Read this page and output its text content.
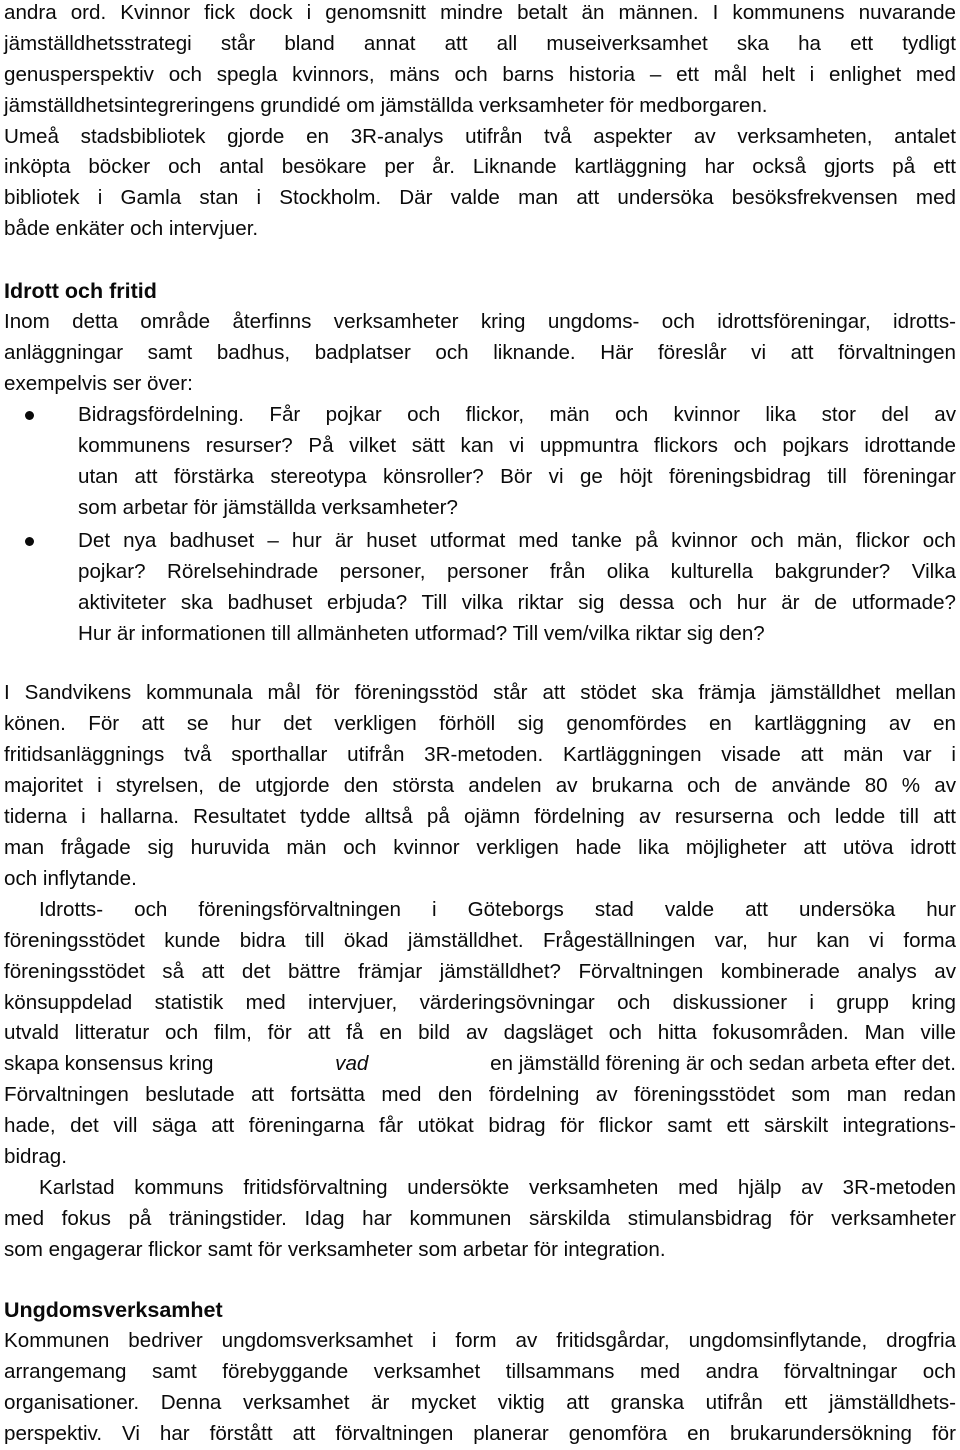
andra ord. Kvinnor fick dock i genomsnitt mindre betalt än männen. I kommunens nuvarande
jämställdhetsstrategi står bland annat att all museiverksamhet ska ha ett tydligt
genusperspektiv och spegla kvinnors, mäns och barns historia – ett mål helt i enlighet med
jämställdhetsintegreringens grundidé om jämställda verksamheter för medborgaren.
Umeå stadsbibliotek gjorde en 3R-analys utifrån två aspekter av verksamheten, antalet
inköpta böcker och antal besökare per år. Liknande kartläggning har också gjorts på ett
bibliotek i Gamla stan i Stockholm. Där valde man att undersöka besöksfrekvensen med
både enkäter och intervjuer.
Idrott och fritid
Inom detta område återfinns verksamheter kring ungdoms- och idrottsföreningar, idrotts-
anläggningar samt badhus, badplatser och liknande. Här föreslår vi att förvaltningen
exempelvis ser över:
Bidragsfördelning. Får pojkar och flickor, män och kvinnor lika stor del av
kommunens resurser? På vilket sätt kan vi uppmuntra flickors och pojkars idrottande
utan att förstärka stereotypa könsroller? Bör vi ge höjt föreningsbidrag till föreningar
som arbetar för jämställda verksamheter?
Det nya badhuset – hur är huset utformat med tanke på kvinnor och män, flickor och
pojkar? Rörelsehindrade personer, personer från olika kulturella bakgrunder? Vilka
aktiviteter ska badhuset erbjuda? Till vilka riktar sig dessa och hur är de utformade?
Hur är informationen till allmänheten utformad? Till vem/vilka riktar sig den?
I Sandvikens kommunala mål för föreningsstöd står att stödet ska främja jämställdhet mellan
könen. För att se hur det verkligen förhöll sig genomfördes en kartläggning av en
fritidsanläggnings två sporthallar utifrån 3R-metoden. Kartläggningen visade att män var i
majoritet i styrelsen, de utgjorde den största andelen av brukarna och de använde 80 % av
tiderna i hallarna. Resultatet tydde alltså på ojämn fördelning av resurserna och ledde till att
man frågade sig huruvida män och kvinnor verkligen hade lika möjligheter att utöva idrott
och inflytande.
Idrotts- och föreningsförvaltningen i Göteborgs stad valde att undersöka hur
föreningsstödet kunde bidra till ökad jämställdhet. Frågeställningen var, hur kan vi forma
föreningsstödet så att det bättre främjar jämställdhet? Förvaltningen kombinerade analys av
könsuppdelad statistik med intervjuer, värderingsövningar och diskussioner i grupp kring
utvald litteratur och film, för att få en bild av dagsläget och hitta fokusområden. Man ville
skapa konsensus kring	vad	en jämställd förening är och sedan arbeta efter det.
Förvaltningen beslutade att fortsätta med den fördelning av föreningsstödet som man redan
hade, det vill säga att föreningarna får utökat bidrag för flickor samt ett särskilt integrations-
bidrag.
Karlstad kommuns fritidsförvaltning undersökte verksamheten med hjälp av 3R-metoden
med fokus på träningstider. Idag har kommunen särskilda stimulansbidrag för verksamheter
som engagerar flickor samt för verksamheter som arbetar för integration.
Ungdomsverksamhet
Kommunen bedriver ungdomsverksamhet i form av fritidsgårdar, ungdomsinflytande, drogfria
arrangemang samt förebyggande verksamhet tillsammans med andra förvaltningar och
organisationer. Denna verksamhet är mycket viktig att granska utifrån ett jämställdhets-
perspektiv. Vi har förstått att förvaltningen planerar genomföra en brukarundersökning för
